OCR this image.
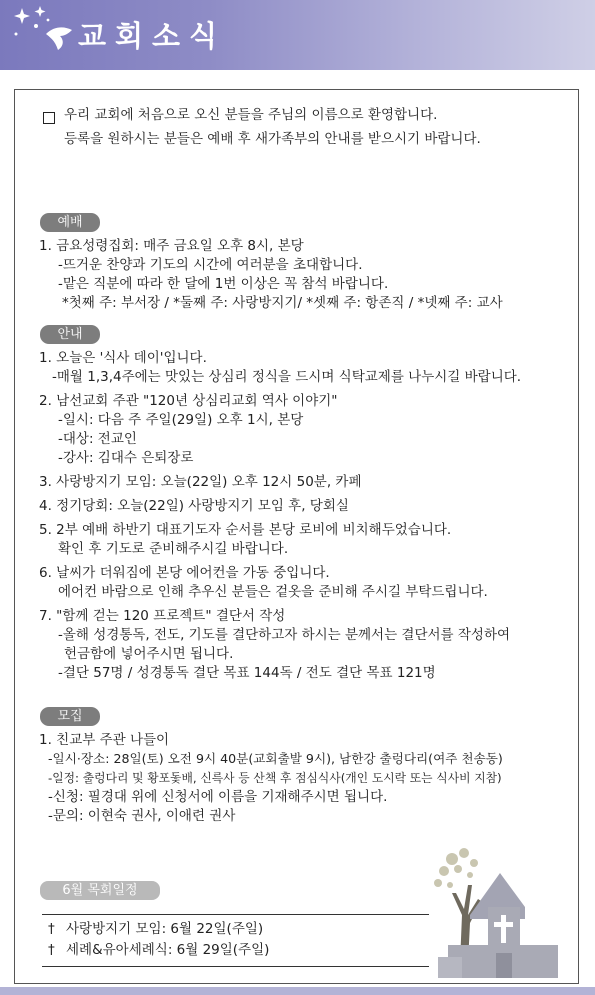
교회소식
우리 교회에 처음으로 오신 분들을 주님의 이름으로 환영합니다.
등록을 원하시는 분들은 예배 후 새가족부의 안내를 받으시기 바랍니다.
예배
1. 금요성령집회: 매주 금요일 오후 8시, 본당
-뜨거운 찬양과 기도의 시간에 여러분을 초대합니다.
-맡은 직분에 따라 한 달에 1번 이상은 꼭 참석 바랍니다.
*첫째 주: 부서장 / *둘째 주: 사랑방지기/ *셋째 주: 항존직 / *넷째 주: 교사
안내
1. 오늘은 '식사 데이'입니다.
-매월 1,3,4주에는 맛있는 상심리 정식을 드시며 식탁교제를 나누시길 바랍니다.
2. 남선교회 주관 "120년 상심리교회 역사 이야기"
-일시: 다음 주 주일(29일) 오후 1시, 본당
-대상: 전교인
-강사: 김대수 은퇴장로
3. 사랑방지기 모임: 오늘(22일) 오후 12시 50분, 카페
4. 정기당회: 오늘(22일) 사랑방지기 모임 후, 당회실
5. 2부 예배 하반기 대표기도자 순서를 본당 로비에 비치해두었습니다.
확인 후 기도로 준비해주시길 바랍니다.
6. 날씨가 더워짐에 본당 에어컨을 가동 중입니다.
에어컨 바람으로 인해 추우신 분들은 겉옷을 준비해 주시길 부탁드립니다.
7. "함께 걷는 120 프로젝트" 결단서 작성
-올해 성경통독, 전도, 기도를 결단하고자 하시는 분께서는 결단서를 작성하여
헌금함에 넣어주시면 됩니다.
-결단 57명 / 성경통독 결단 목표 144독 / 전도 결단 목표 121명
모집
1. 친교부 주관 나들이
-일시·장소: 28일(토) 오전 9시 40분(교회출발 9시), 남한강 출렁다리(여주 천송동)
-일정: 출렁다리 및 황포돛배, 신륵사 등 산책 후 점심식사(개인 도시락 또는 식사비 지참)
-신청: 필경대 위에 신청서에 이름을 기재해주시면 됩니다.
-문의: 이현숙 권사, 이애련 권사
6월 목회일정
† 사랑방지기 모임: 6월 22일(주일)
† 세례&유아세례식: 6월 29일(주일)
